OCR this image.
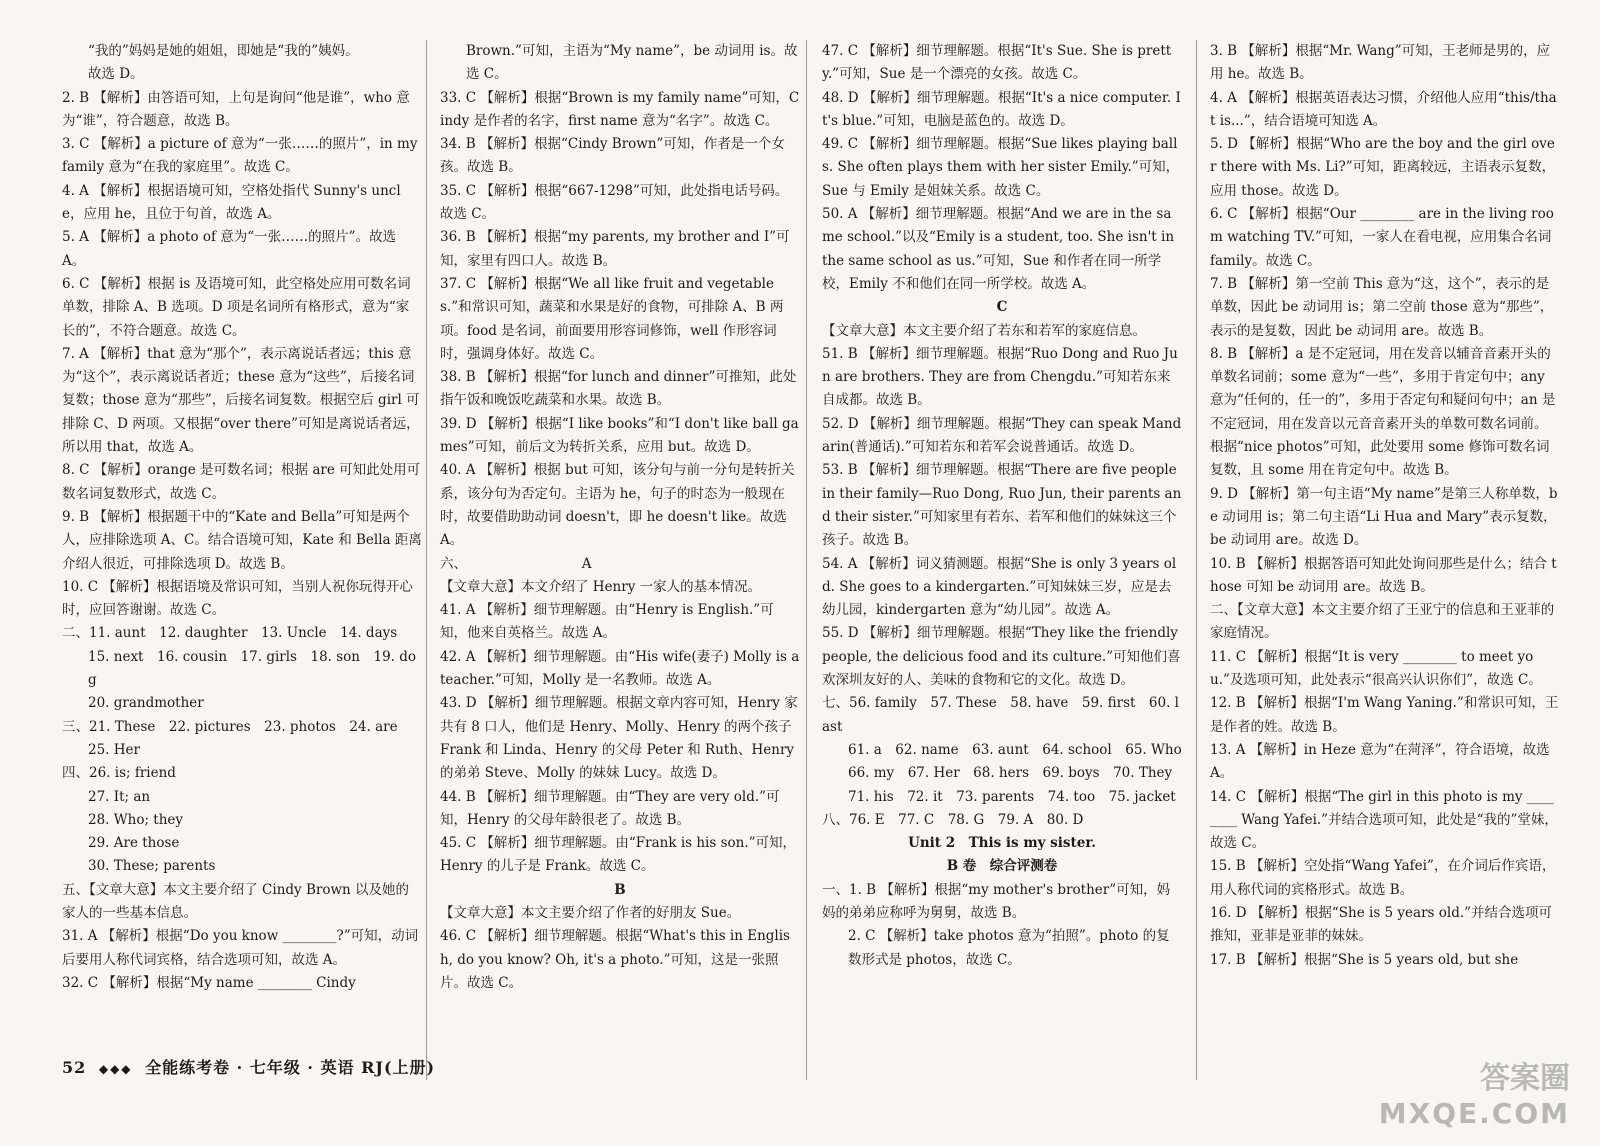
“我的”妈妈是她的姐姐，即她是“我的”姨妈。
故选 D。
2. B 【解析】由答语可知，上句是询问“他是谁”，who 意为“谁”，符合题意，故选 B。
3. C 【解析】a picture of 意为“一张……的照片”，in my family 意为“在我的家庭里”。故选 C。
4. A 【解析】根据语境可知，空格处指代 Sunny's uncle，应用 he，且位于句首，故选 A。
5. A 【解析】a photo of 意为“一张……的照片”。故选 A。
6. C 【解析】根据 is 及语境可知，此空格处应用可数名词单数，排除 A、B 选项。D 项是名词所有格形式，意为“家长的”，不符合题意。故选 C。
7. A 【解析】that 意为“那个”，表示离说话者远；this 意为“这个”，表示离说话者近；these 意为“这些”，后接名词复数；those 意为“那些”，后接名词复数。根据空后 girl 可排除 C、D 两项。又根据“over there”可知是离说话者远，所以用 that，故选 A。
8. C 【解析】orange 是可数名词；根据 are 可知此处用可数名词复数形式，故选 C。
9. B 【解析】根据题干中的“Kate and Bella”可知是两个人，应排除选项 A、C。结合语境可知，Kate 和 Bella 距离介绍人很近，可排除选项 D。故选 B。
10. C 【解析】根据语境及常识可知，当别人祝你玩得开心时，应回答谢谢。故选 C。
二、11. aunt　12. daughter　13. Uncle　14. days
15. next　16. cousin　17. girls　18. son　19. dog
20. grandmother
三、21. These　22. pictures　23. photos　24. are
25. Her
四、26. is; friend
27. It; an
28. Who; they
29. Are those
30. These; parents
五、【文章大意】本文主要介绍了 Cindy Brown 以及她的家人的一些基本信息。
31. A 【解析】根据“Do you know ________?”可知，动词后要用人称代词宾格，结合选项可知，故选 A。
32. C 【解析】根据“My name ________ Cindy
Brown.”可知，主语为“My name”，be 动词用 is。故选 C。
33. C 【解析】根据“Brown is my family name”可知，Cindy 是作者的名字，first name 意为“名字”。故选 C。
34. B 【解析】根据“Cindy Brown”可知，作者是一个女孩。故选 B。
35. C 【解析】根据“667-1298”可知，此处指电话号码。故选 C。
36. B 【解析】根据“my parents, my brother and I”可知，家里有四口人。故选 B。
37. C 【解析】根据“We all like fruit and vegetables.”和常识可知，蔬菜和水果是好的食物，可排除 A、B 两项。food 是名词，前面要用形容词修饰，well 作形容词时，强调身体好。故选 C。
38. B 【解析】根据“for lunch and dinner”可推知，此处指午饭和晚饭吃蔬菜和水果。故选 B。
39. D 【解析】根据“I like books”和“I don't like ball games”可知，前后文为转折关系，应用 but。故选 D。
40. A 【解析】根据 but 可知，该分句与前一分句是转折关系，该分句为否定句。主语为 he，句子的时态为一般现在时，故要借助助动词 doesn't，即 he doesn't like。故选 A。
六、　　　　　　　　　A
【文章大意】本文介绍了 Henry 一家人的基本情况。
41. A 【解析】细节理解题。由“Henry is English.”可知，他来自英格兰。故选 A。
42. A 【解析】细节理解题。由“His wife(妻子) Molly is a teacher.”可知，Molly 是一名教师。故选 A。
43. D 【解析】细节理解题。根据文章内容可知，Henry 家共有 8 口人，他们是 Henry、Molly、Henry 的两个孩子 Frank 和 Linda、Henry 的父母 Peter 和 Ruth、Henry 的弟弟 Steve、Molly 的妹妹 Lucy。故选 D。
44. B 【解析】细节理解题。由“They are very old.”可知，Henry 的父母年龄很老了。故选 B。
45. C 【解析】细节理解题。由“Frank is his son.”可知，Henry 的儿子是 Frank。故选 C。
B
【文章大意】本文主要介绍了作者的好朋友 Sue。
46. C 【解析】细节理解题。根据“What's this in English, do you know? Oh, it's a photo.”可知，这是一张照片。故选 C。
47. C 【解析】细节理解题。根据“It's Sue. She is pretty.”可知，Sue 是一个漂亮的女孩。故选 C。
48. D 【解析】细节理解题。根据“It's a nice computer. It's blue.”可知，电脑是蓝色的。故选 D。
49. C 【解析】细节理解题。根据“Sue likes playing balls. She often plays them with her sister Emily.”可知，Sue 与 Emily 是姐妹关系。故选 C。
50. A 【解析】细节理解题。根据“And we are in the same school.”以及“Emily is a student, too. She isn't in the same school as us.”可知，Sue 和作者在同一所学校，Emily 不和他们在同一所学校。故选 A。
C
【文章大意】本文主要介绍了若东和若军的家庭信息。
51. B 【解析】细节理解题。根据“Ruo Dong and Ruo Jun are brothers. They are from Chengdu.”可知若东来自成都。故选 B。
52. D 【解析】细节理解题。根据“They can speak Mandarin(普通话).”可知若东和若军会说普通话。故选 D。
53. B 【解析】细节理解题。根据“There are five people in their family—Ruo Dong, Ruo Jun, their parents and their sister.”可知家里有若东、若军和他们的妹妹这三个孩子。故选 B。
54. A 【解析】词义猜测题。根据“She is only 3 years old. She goes to a kindergarten.”可知妹妹三岁，应是去幼儿园，kindergarten 意为“幼儿园”。故选 A。
55. D 【解析】细节理解题。根据“They like the friendly people, the delicious food and its culture.”可知他们喜欢深圳友好的人、美味的食物和它的文化。故选 D。
七、56. family　57. These　58. have　59. first　60. last
61. a　62. name　63. aunt　64. school　65. Who
66. my　67. Her　68. hers　69. boys　70. They
71. his　72. it　73. parents　74. too　75. jacket
八、76. E　77. C　78. G　79. A　80. D
Unit 2　This is my sister.
B 卷　综合评测卷
一、1. B 【解析】根据“my mother's brother”可知，妈妈的弟弟应称呼为舅舅，故选 B。
2. C 【解析】take photos 意为“拍照”。photo 的复数形式是 photos，故选 C。
3. B 【解析】根据“Mr. Wang”可知，王老师是男的，应用 he。故选 B。
4. A 【解析】根据英语表达习惯，介绍他人应用“this/that is...”，结合语境可知选 A。
5. D 【解析】根据“Who are the boy and the girl over there with Ms. Li?”可知，距离较远，主语表示复数，应用 those。故选 D。
6. C 【解析】根据“Our ________ are in the living room watching TV.”可知，一家人在看电视，应用集合名词 family。故选 C。
7. B 【解析】第一空前 This 意为“这，这个”，表示的是单数，因此 be 动词用 is；第二空前 those 意为“那些”，表示的是复数，因此 be 动词用 are。故选 B。
8. B 【解析】a 是不定冠词，用在发音以辅音音素开头的单数名词前；some 意为“一些”，多用于肯定句中；any 意为“任何的，任一的”，多用于否定句和疑问句中；an 是不定冠词，用在发音以元音音素开头的单数可数名词前。根据“nice photos”可知，此处要用 some 修饰可数名词复数，且 some 用在肯定句中。故选 B。
9. D 【解析】第一句主语“My name”是第三人称单数，be 动词用 is；第二句主语“Li Hua and Mary”表示复数，be 动词用 are。故选 D。
10. B 【解析】根据答语可知此处询问那些是什么；结合 those 可知 be 动词用 are。故选 B。
二、【文章大意】本文主要介绍了王亚宁的信息和王亚菲的家庭情况。
11. C 【解析】根据“It is very ________ to meet you.”及选项可知，此处表示“很高兴认识你们”，故选 C。
12. B 【解析】根据“I'm Wang Yaning.”和常识可知，王是作者的姓。故选 B。
13. A 【解析】in Heze 意为“在菏泽”，符合语境，故选 A。
14. C 【解析】根据“The girl in this photo is my ________ Wang Yafei.”并结合选项可知，此处是“我的”堂妹，故选 C。
15. B 【解析】空处指“Wang Yafei”，在介词后作宾语，用人称代词的宾格形式。故选 B。
16. D 【解析】根据“She is 5 years old.”并结合选项可推知，亚菲是亚菲的妹妹。
17. B 【解析】根据“She is 5 years old, but she
52 ◆◆◆ 全能练考卷 · 七年级 · 英语 RJ(上册)	答案圈
MXQE.COM
